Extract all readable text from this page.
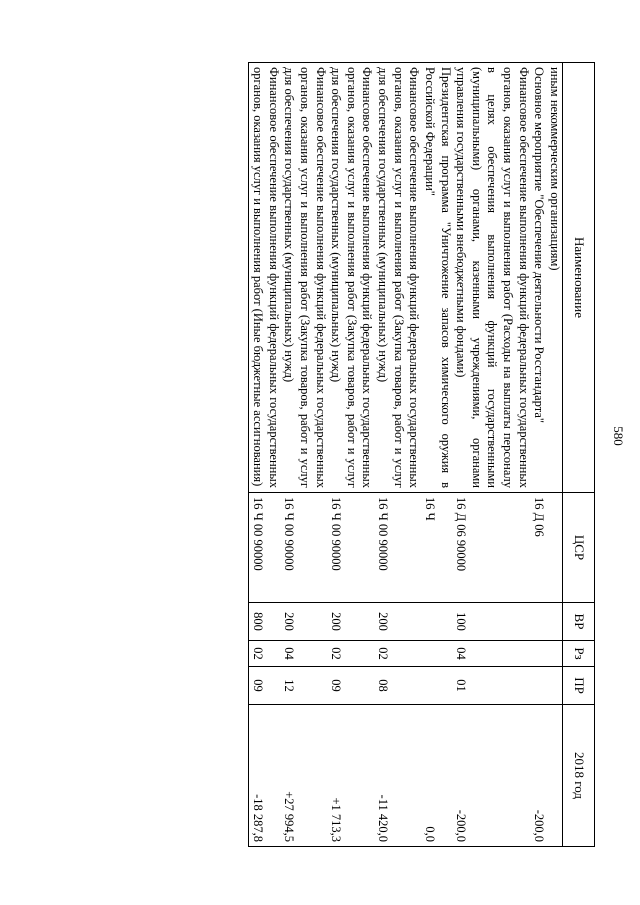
580
Наименование	ЦСР	ВР	Рз	ПР	2018 год
иным некоммерческим организациям)					
Основное мероприятие "Обеспечение деятельности Росстандарта"	16 Д 06				-200,0
Финансовое обеспечение выполнения функций федеральных государственных органов, оказания услуг и выполнения работ (Расходы на выплаты персоналу в целях обеспечения выполнения функций государственными (муниципальными) органами, казенными учреждениями, органами управления государственными внебюджетными фондами)	16 Д 06 90000	100	04	01	-200,0
Президентская программа "Уничтожение запасов химического оружия в Российской Федерации"	16 Ч				0,0
Финансовое обеспечение выполнения функций федеральных государственных органов, оказания услуг и выполнения работ (Закупка товаров, работ и услуг для обеспечения государственных (муниципальных) нужд)	16 Ч 00 90000	200	02	08	-11 420,0
Финансовое обеспечение выполнения функций федеральных государственных органов, оказания услуг и выполнения работ (Закупка товаров, работ и услуг для обеспечения государственных (муниципальных) нужд)	16 Ч 00 90000	200	02	09	+1 713,3
Финансовое обеспечение выполнения функций федеральных государственных органов, оказания услуг и выполнения работ (Закупка товаров, работ и услуг для обеспечения государственных (муниципальных) нужд)	16 Ч 00 90000	200	04	12	+27 994,5
Финансовое обеспечение выполнения функций федеральных государственных органов, оказания услуг и выполнения работ (Иные бюджетные ассигнования)	16 Ч 00 90000	800	02	09	-18 287,8
